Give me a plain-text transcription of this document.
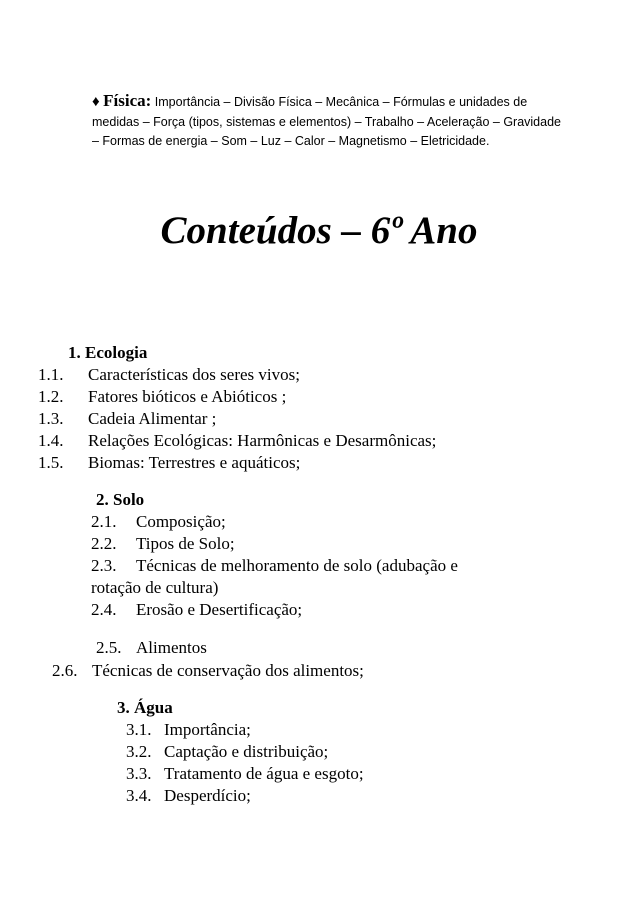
♦ Física: Importância – Divisão Física – Mecânica – Fórmulas e unidades de medidas – Força (tipos, sistemas e elementos) – Trabalho – Aceleração – Gravidade – Formas de energia – Som – Luz – Calor – Magnetismo – Eletricidade.
Conteúdos – 6º Ano
1. Ecologia
1.1. Características dos seres vivos;
1.2. Fatores bióticos e Abióticos ;
1.3. Cadeia Alimentar ;
1.4. Relações Ecológicas: Harmônicas e Desarmônicas;
1.5. Biomas: Terrestres e aquáticos;
2. Solo
2.1. Composição;
2.2. Tipos de Solo;
2.3. Técnicas de melhoramento de solo (adubação e
rotação de cultura)
2.4. Erosão e Desertificação;
2.5. Alimentos
2.6. Técnicas de conservação dos alimentos;
3. Água
3.1. Importância;
3.2. Captação e distribuição;
3.3. Tratamento de água e esgoto;
3.4. Desperdício;
